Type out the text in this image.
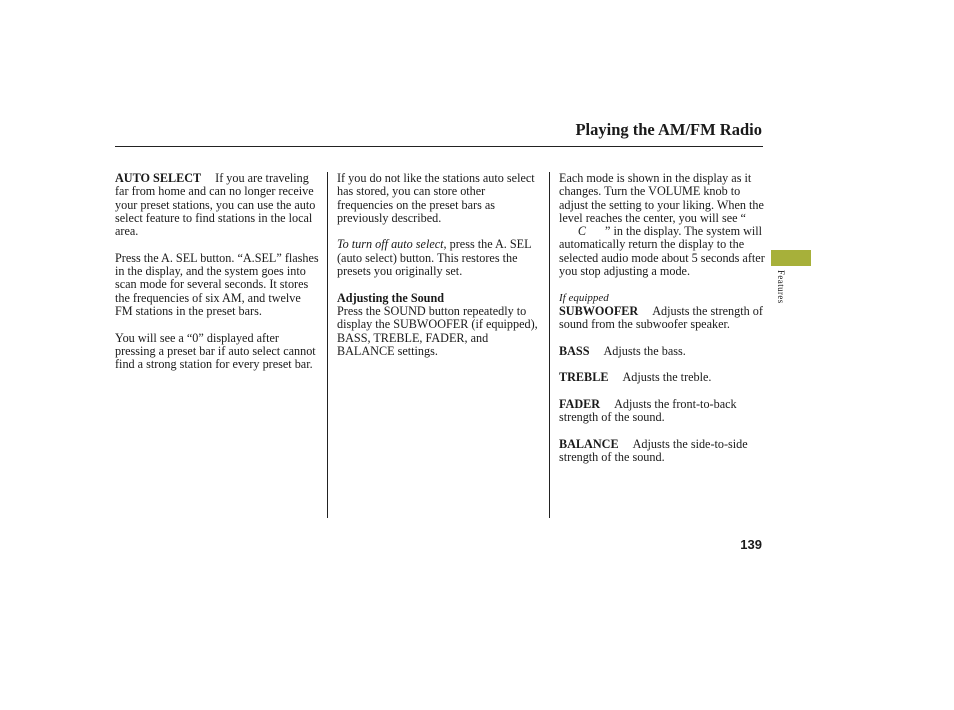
Playing the AM/FM Radio

AUTO SELECT If you are traveling far from home and can no longer receive your preset stations, you can use the auto select feature to find stations in the local area.

Press the A. SEL button. “A.SEL” flashes in the display, and the system goes into scan mode for several seconds. It stores the frequencies of six AM, and twelve FM stations in the preset bars.

You will see a “0” displayed after pressing a preset bar if auto select cannot find a strong station for every preset bar.

If you do not like the stations auto select has stored, you can store other frequencies on the preset bars as previously described.

To turn off auto select, press the A. SEL (auto select) button. This restores the presets you originally set.

Adjusting the Sound

Press the SOUND button repeatedly to display the SUBWOOFER (if equipped), BASS, TREBLE, FADER, and BALANCE settings.

Each mode is shown in the display as it changes. Turn the VOLUME knob to adjust the setting to your liking. When the level reaches the center, you will see “C ” in the display. The system will automatically return the display to the selected audio mode about 5 seconds after you stop adjusting a mode.

If equipped

SUBWOOFER Adjusts the strength of sound from the subwoofer speaker.

BASS Adjusts the bass.

TREBLE Adjusts the treble.

FADER Adjusts the front-to-back strength of the sound.

BALANCE Adjusts the side-to-side strength of the sound.

Features
139
